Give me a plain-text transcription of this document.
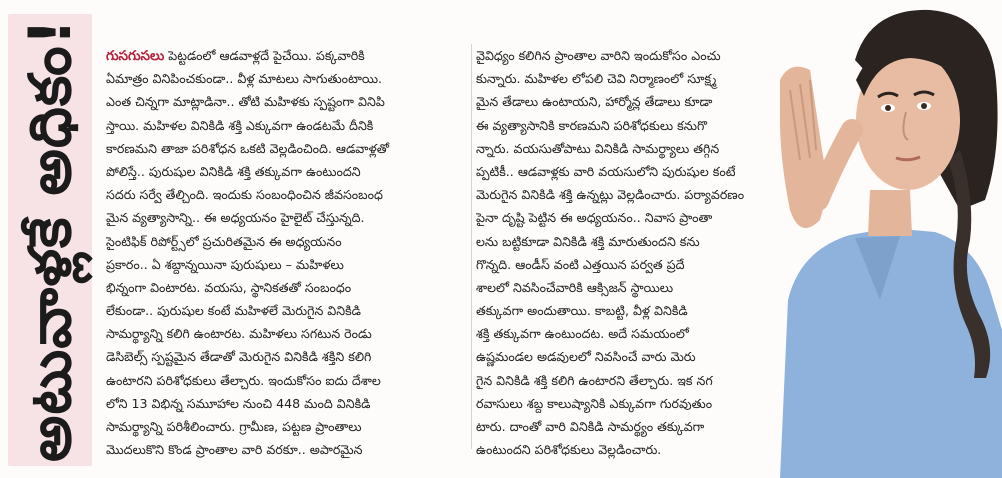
అటువాళ్లకే అధికం! గుసగుసలు పెట్టడంలో ఆడవాళ్లదే పైచేయి. పక్కవారికి
ఏమాత్రం వినిపించకుండా.. వీళ్ల మాటలు సాగుతుంటాయి.
ఎంత చిన్నగా మాట్లాడినా.. తోటి మహిళకు స్పష్టంగా వినిపి
స్తాయి. మహిళల వినికిడి శక్తి ఎక్కువగా ఉండటమే దీనికి
కారణమని తాజా పరిశోధన ఒకటి వెల్లడించింది. ఆడవాళ్లతో
పోలిస్తే.. పురుషుల వినికిడి శక్తి తక్కువగా ఉంటుందని
సదరు సర్వే తేల్చింది. ఇందుకు సంబంధించిన జీవసంబంధ
మైన వ్యత్యాసాన్ని.. ఈ అధ్యయనం హైలైట్ చేస్తున్నది.
సైంటిఫిక్ రిపోర్ట్స్‌లో ప్రచురితమైన ఈ అధ్యయనం
ప్రకారం.. ఏ శబ్దాన్నయినా పురుషులు – మహిళలు
భిన్నంగా వింటారట. వయసు, స్థానికతతో సంబంధం
లేకుండా.. పురుషుల కంటే మహిళలే మెరుగైన వినికిడి
సామర్థ్యాన్ని కలిగి ఉంటారట. మహిళలు సగటున రెండు
డెసిబెల్స్ స్పష్టమైన తేడాతో మెరుగైన వినికిడి శక్తిని కలిగి
ఉంటారని పరిశోధకులు తేల్చారు. ఇందుకోసం ఐదు దేశాల
లోని 13 విభిన్న సమూహాల నుంచి 448 మంది వినికిడి
సామర్థ్యాన్ని పరిశీలించారు. గ్రామీణ, పట్టణ ప్రాంతాలు
మొదలుకొని కొండ ప్రాంతాల వారి వరకూ.. అపారమైన
వైవిధ్యం కలిగిన ప్రాంతాల వారిని ఇందుకోసం ఎంచు
కున్నారు. మహిళల లోపలి చెవి నిర్మాణంలో సూక్ష్మ
మైన తేడాలు ఉంటాయని, హార్మోన్ల తేడాలు కూడా
ఈ వ్యత్యాసానికి కారణమని పరిశోధకులు కనుగొ
న్నారు. వయసుతోపాటు వినికిడి సామర్థ్యాలు తగ్గిన
ప్పటికీ.. ఆడవాళ్లకు వారి వయసులోని పురుషుల కంటే
మెరుగైన వినికిడి శక్తి ఉన్నట్లు వెల్లడించారు. పర్యావరణం
పైనా దృష్టి పెట్టిన ఈ అధ్యయనం.. నివాస ప్రాంతా
లను బట్టికూడా వినికిడి శక్తి మారుతుందని కను
గొన్నది. ఆండీస్ వంటి ఎత్తయిన పర్వత ప్రదే
శాలలో నివసించేవారికి ఆక్సిజన్ స్థాయిలు
తక్కువగా అందుతాయి. కాబట్టి, వీళ్ల వినికిడి
శక్తి తక్కువగా ఉంటుందట. అదే సమయంలో
ఉష్ణమండల అడవులలో నివసించే వారు మెరు
గైన వినికిడి శక్తి కలిగి ఉంటారని తేల్చారు. ఇక నగ
రవాసులు శబ్ద కాలుష్యానికి ఎక్కువగా గురవుతుం
టారు. దాంతో వారి వినికిడి సామర్థ్యం తక్కువగా
ఉంటుందని పరిశోధకులు వెల్లడించారు.
